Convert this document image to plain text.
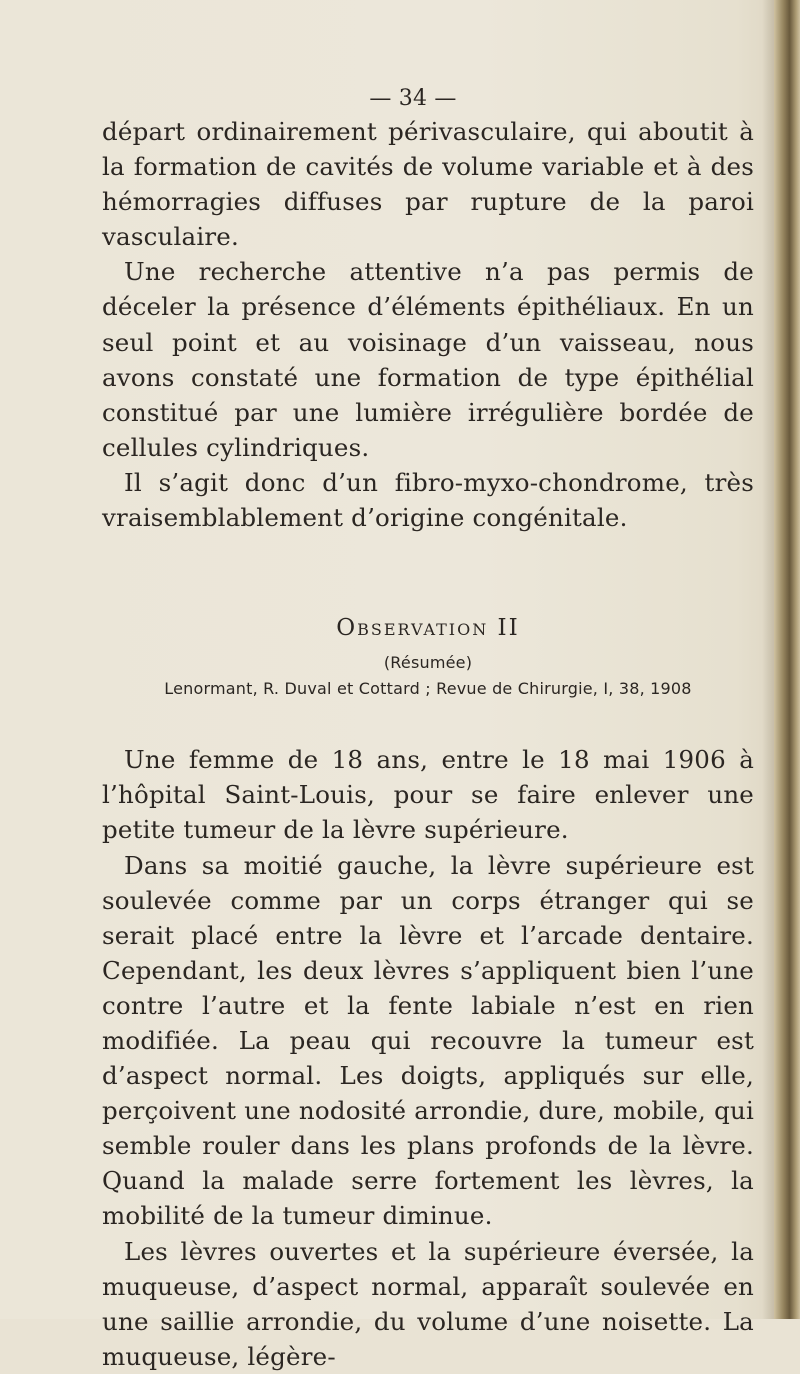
— 34 —

départ ordinairement périvasculaire, qui aboutit à la formation de cavités de volume variable et à des hémorragies diffuses par rupture de la paroi vasculaire.

Une recherche attentive n’a pas permis de déceler la présence d’éléments épithéliaux. En un seul point et au voisinage d’un vaisseau, nous avons constaté une formation de type épithélial constitué par une lumière irrégulière bordée de cellules cylindriques.

Il s’agit donc d’un fibro-myxo-chondrome, très vraisemblablement d’origine congénitale.

Observation II
(Résumée)
Lenormant, R. Duval et Cottard ; Revue de Chirurgie, I, 38, 1908

Une femme de 18 ans, entre le 18 mai 1906 à l’hôpital Saint-Louis, pour se faire enlever une petite tumeur de la lèvre supérieure.

Dans sa moitié gauche, la lèvre supérieure est soulevée comme par un corps étranger qui se serait placé entre la lèvre et l’arcade dentaire. Cependant, les deux lèvres s’appliquent bien l’une contre l’autre et la fente labiale n’est en rien modifiée. La peau qui recouvre la tumeur est d’aspect normal. Les doigts, appliqués sur elle, perçoivent une nodosité arrondie, dure, mobile, qui semble rouler dans les plans profonds de la lèvre. Quand la malade serre fortement les lèvres, la mobilité de la tumeur diminue.

Les lèvres ouvertes et la supérieure éversée, la muqueuse, d’aspect normal, apparaît soulevée en une saillie arrondie, du volume d’une noisette. La muqueuse, légère-
